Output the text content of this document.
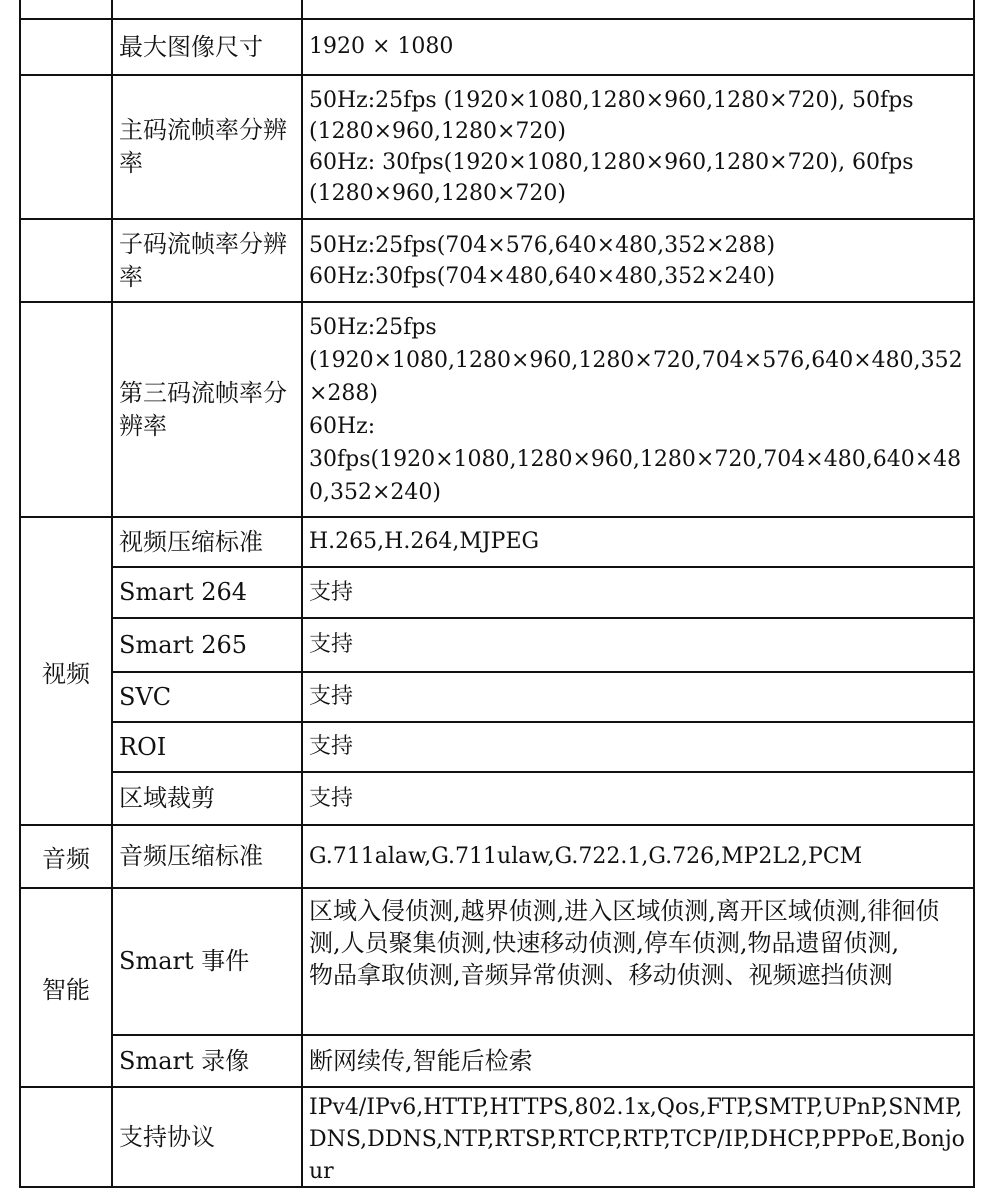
	最大图像尺寸	1920 × 1080
	主码流帧率分辨率	50Hz:25fps (1920×1080,1280×960,1280×720), 50fps
(1280×960,1280×720)
60Hz: 30fps(1920×1080,1280×960,1280×720), 60fps
(1280×960,1280×720)

	子码流帧率分辨率	50Hz:25fps(704×576,640×480,352×288)
60Hz:30fps(704×480,640×480,352×240)

	第三码流帧率分辨率	50Hz:25fps
(1920×1080,1280×960,1280×720,704×576,640×480,352×288)
60Hz:
30fps(1920×1080,1280×960,1280×720,704×480,640×480,352×240)

视频	视频压缩标准	H.265,H.264,MJPEG
	Smart 264	支持
	Smart 265	支持
	SVC	支持
	ROI	支持
	区域裁剪	支持
音频	音频压缩标准	G.711alaw,G.711ulaw,G.722.1,G.726,MP2L2,PCM
智能	Smart 事件	区域入侵侦测,越界侦测,进入区域侦测,离开区域侦测,徘徊侦测,人员聚集侦测,快速移动侦测,停车侦测,物品遗留侦测,
物品拿取侦测,音频异常侦测、移动侦测、视频遮挡侦测

	Smart 录像	断网续传,智能后检索
	支持协议	IPv4/IPv6,HTTP,HTTPS,802.1x,Qos,FTP,SMTP,UPnP,SNMP,DNS,DDNS,NTP,RTSP,RTCP,RTP,TCP/IP,DHCP,PPPoE,Bonjour
